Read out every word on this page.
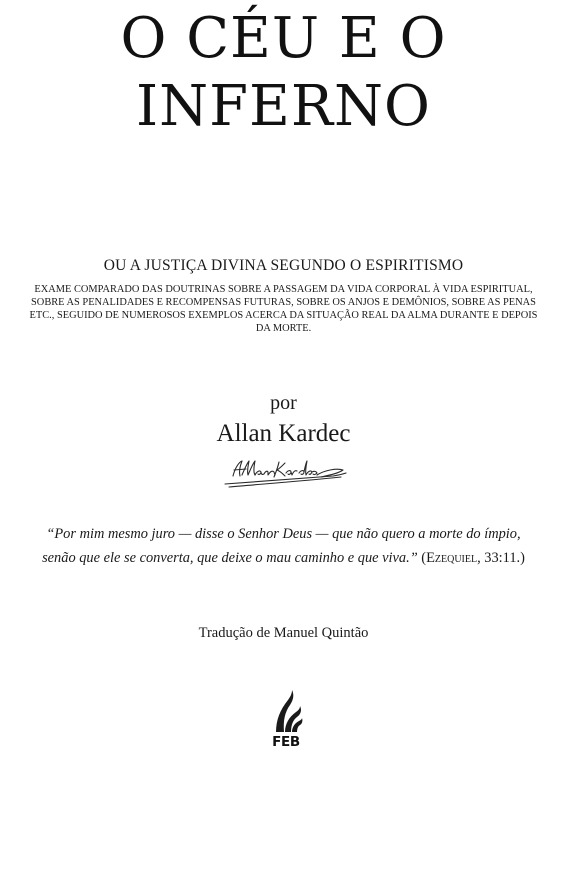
O CÉU E O
INFERNO
OU A JUSTIÇA DIVINA SEGUNDO O ESPIRITISMO
EXAME COMPARADO DAS DOUTRINAS SOBRE A PASSAGEM DA VIDA CORPORAL À VIDA ESPIRITUAL,
SOBRE AS PENALIDADES E RECOMPENSAS FUTURAS, SOBRE OS ANJOS E DEMÔNIOS, SOBRE AS PENAS
ETC., SEGUIDO DE NUMEROSOS EXEMPLOS ACERCA DA SITUAÇÃO REAL DA ALMA DURANTE E DEPOIS
DA MORTE.
por
Allan Kardec
“Por mim mesmo juro — disse o Senhor Deus — que não quero a morte do ímpio,
senão que ele se converta, que deixe o mau caminho e que viva.” (Ezequiel, 33:11.)
Tradução de Manuel Quintão
FEB
